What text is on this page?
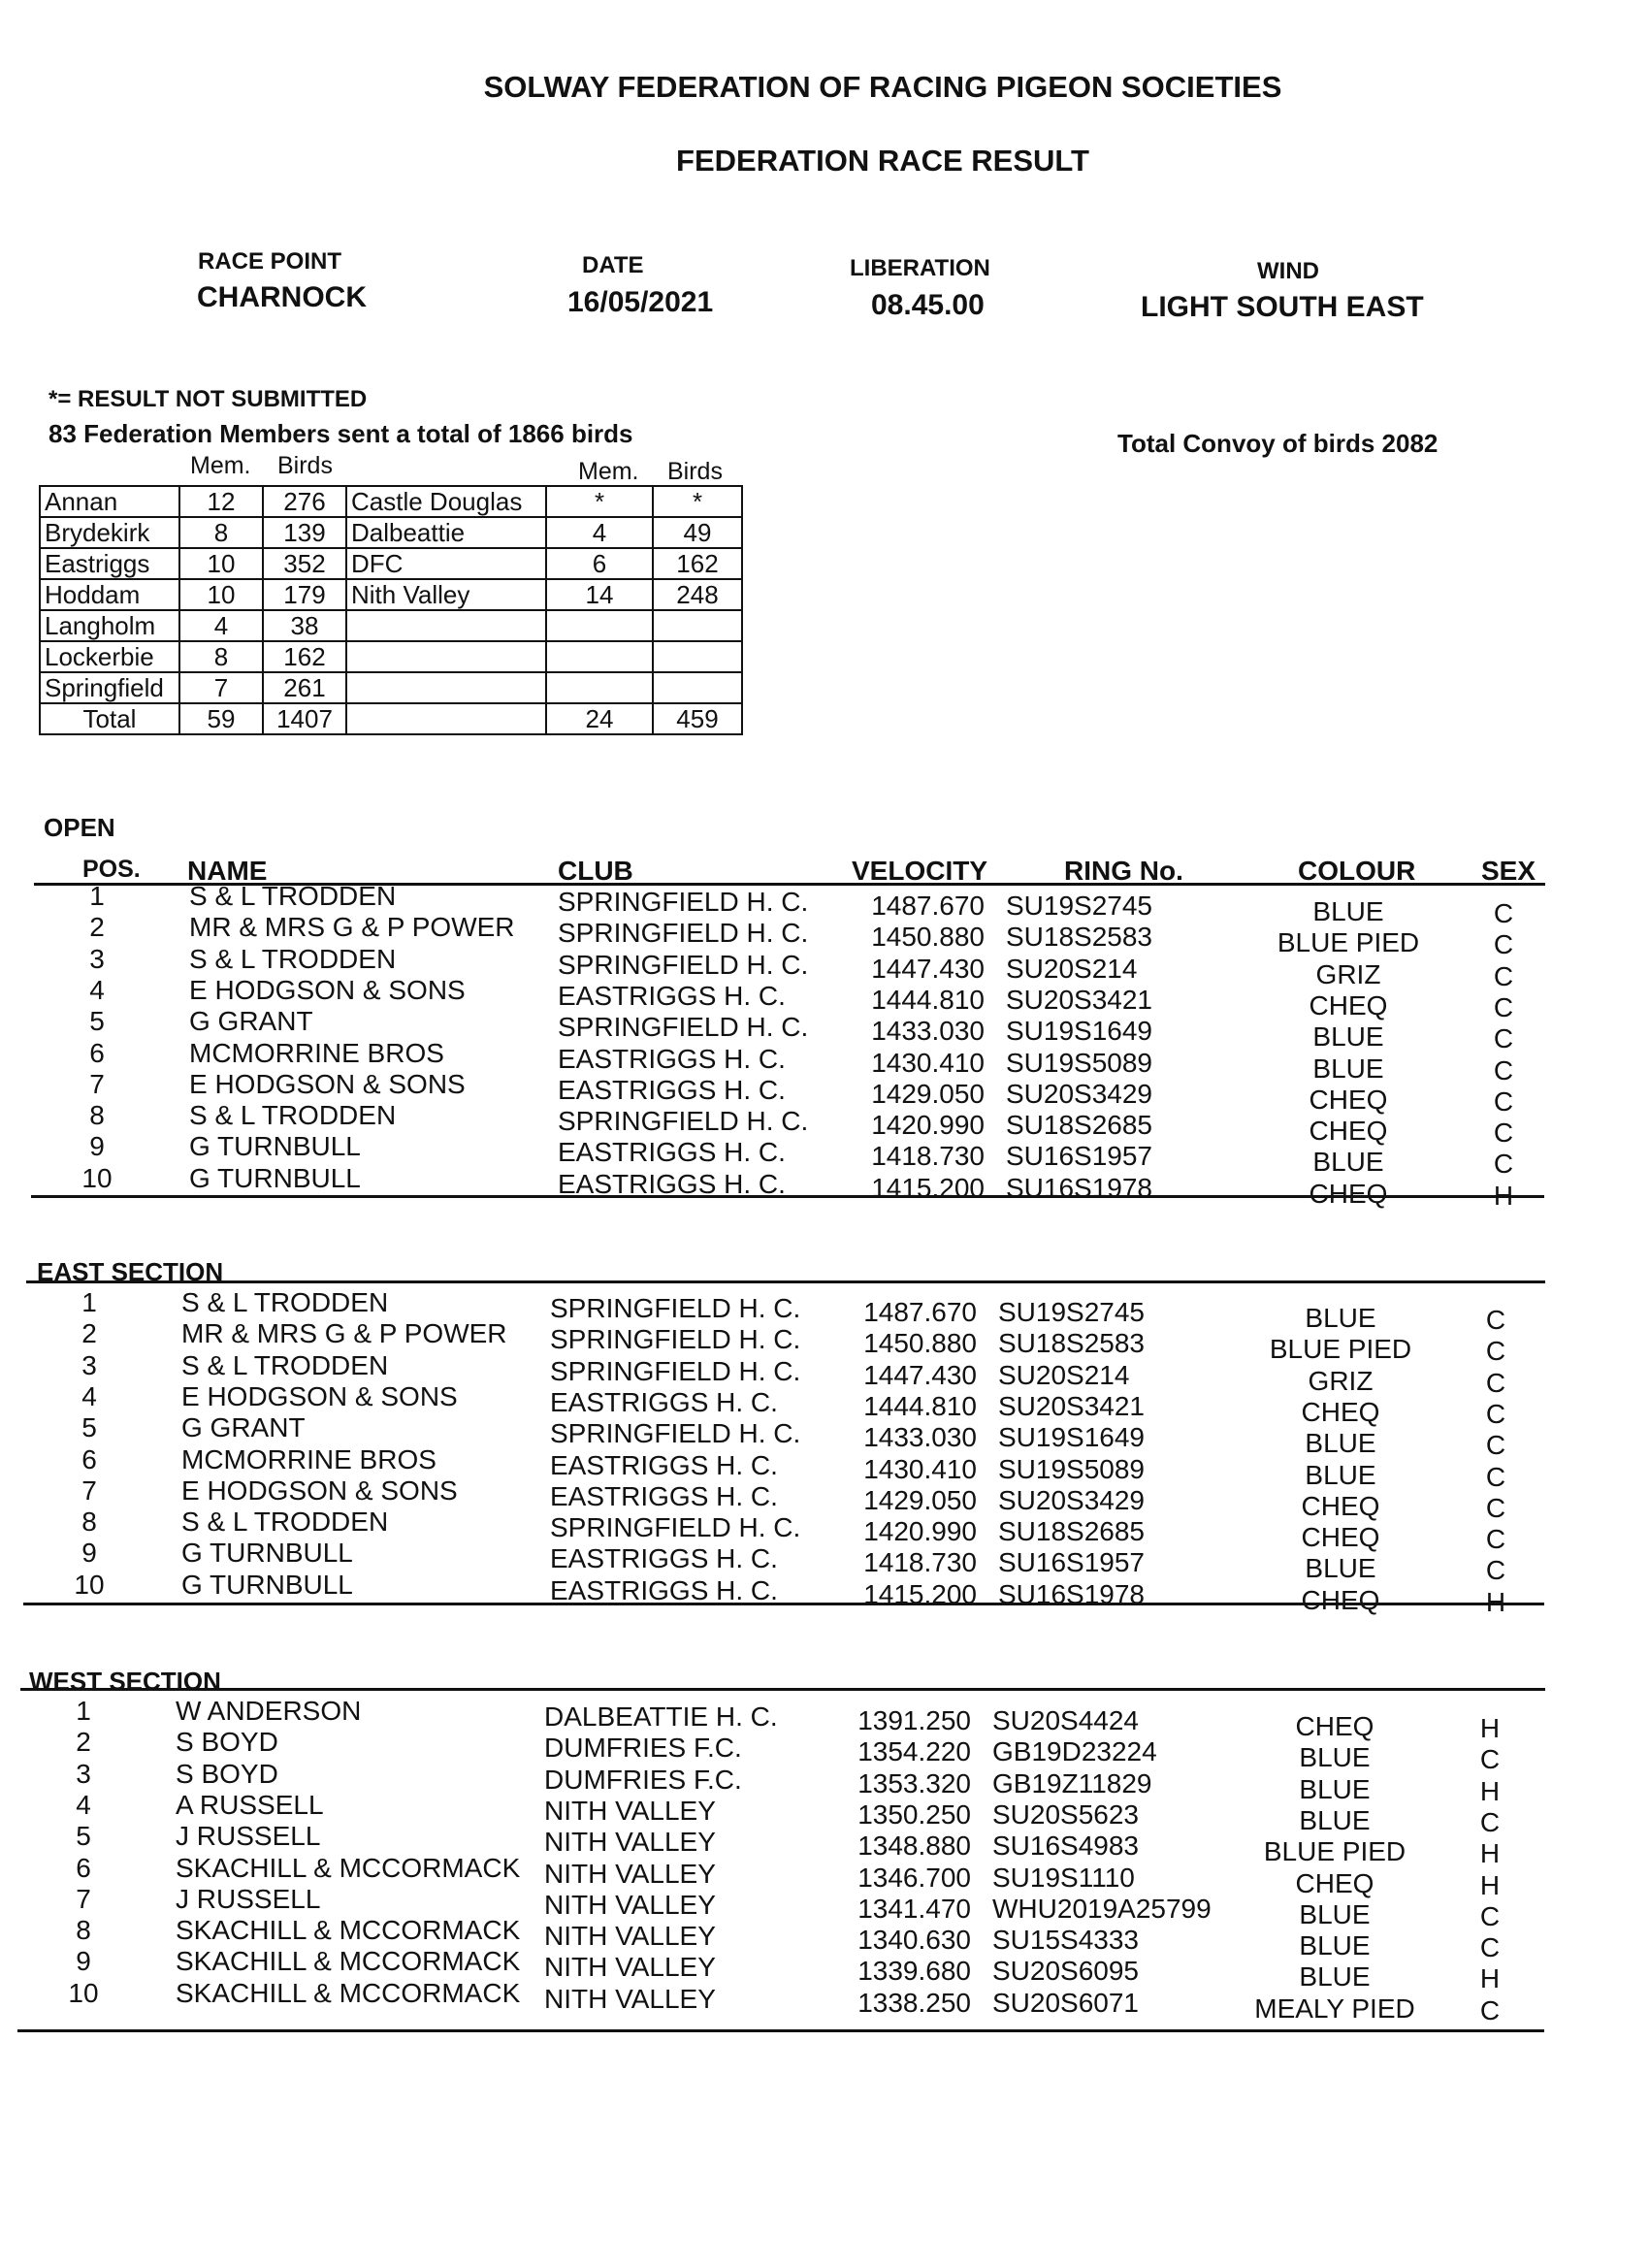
SOLWAY FEDERATION OF RACING PIGEON SOCIETIES
FEDERATION RACE RESULT
RACE POINT
CHARNOCK
DATE
16/05/2021
LIBERATION
08.45.00
WIND
LIGHT SOUTH EAST
*= RESULT NOT SUBMITTED
83 Federation Members sent a total of 1866 birds	Total Convoy of birds 2082
Mem. Birds	Mem. Birds
Annan	12	276	Castle Douglas	*	*
Brydekirk	8	139	Dalbeattie	4	49
Eastriggs	10	352	DFC	6	162
Hoddam	10	179	Nith Valley	14	248
Langholm	4	38			
Lockerbie	8	162			
Springfield	7	261			
Total	59	1407		24	459
OPEN
POS. NAME	CLUB	VELOCITY	RING No.	COLOUR SEX
1	S & L TRODDEN	SPRINGFIELD H. C.	1487.670 SU19S2745	BLUE	C
2	MR & MRS G & P POWER SPRINGFIELD H. C.	1450.880 SU18S2583	BLUE PIED	C
3	S & L TRODDEN	SPRINGFIELD H. C.	1447.430 SU20S214	GRIZ	C
4	E HODGSON & SONS	EASTRIGGS H. C.	1444.810 SU20S3421	CHEQ	C
5	G GRANT	SPRINGFIELD H. C.	1433.030 SU19S1649	BLUE	C
6	MCMORRINE BROS	EASTRIGGS H. C.	1430.410 SU19S5089	BLUE	C
7	E HODGSON & SONS	EASTRIGGS H. C.	1429.050 SU20S3429	CHEQ	C
8	S & L TRODDEN	SPRINGFIELD H. C.	1420.990 SU18S2685	CHEQ	C
9	G TURNBULL	EASTRIGGS H. C.	1418.730 SU16S1957	BLUE	C
10	G TURNBULL	EASTRIGGS H. C.	1415.200 SU16S1978	CHEQ	H
EAST SECTION
1	S & L TRODDEN	SPRINGFIELD H. C.	1487.670 SU19S2745	BLUE	C
2	MR & MRS G & P POWER SPRINGFIELD H. C.	1450.880 SU18S2583	BLUE PIED	C
3	S & L TRODDEN	SPRINGFIELD H. C.	1447.430 SU20S214	GRIZ	C
4	E HODGSON & SONS	EASTRIGGS H. C.	1444.810 SU20S3421	CHEQ	C
5	G GRANT	SPRINGFIELD H. C.	1433.030 SU19S1649	BLUE	C
6	MCMORRINE BROS	EASTRIGGS H. C.	1430.410 SU19S5089	BLUE	C
7	E HODGSON & SONS	EASTRIGGS H. C.	1429.050 SU20S3429	CHEQ	C
8	S & L TRODDEN	SPRINGFIELD H. C.	1420.990 SU18S2685	CHEQ	C
9	G TURNBULL	EASTRIGGS H. C.	1418.730 SU16S1957	BLUE	C
10	G TURNBULL	EASTRIGGS H. C.	1415.200 SU16S1978	CHEQ	H
WEST SECTION
1	W ANDERSON	DALBEATTIE H. C.	1391.250 SU20S4424	CHEQ	H
2	S BOYD	DUMFRIES F.C.	1354.220 GB19D23224	BLUE	C
3	S BOYD	DUMFRIES F.C.	1353.320 GB19Z11829	BLUE	H
4	A RUSSELL	NITH VALLEY	1350.250 SU20S5623	BLUE	C
5	J RUSSELL	NITH VALLEY	1348.880 SU16S4983	BLUE PIED	H
6	SKACHILL & MCCORMACK NITH VALLEY	1346.700 SU19S1110	CHEQ	H
7	J RUSSELL	NITH VALLEY	1341.470 WHU2019A25799	BLUE	C
8	SKACHILL & MCCORMACK NITH VALLEY	1340.630 SU15S4333	BLUE	C
9	SKACHILL & MCCORMACK NITH VALLEY	1339.680 SU20S6095	BLUE	H
10	SKACHILL & MCCORMACK NITH VALLEY	1338.250 SU20S6071	MEALY PIED C
